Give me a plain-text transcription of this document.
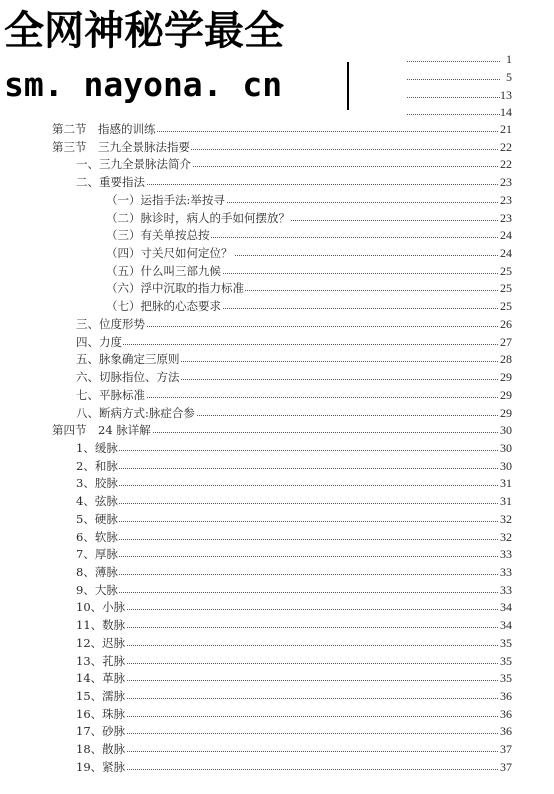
全网神秘学最全
sm. nayona. cn
1
5
13
14
第二节　指感的训练	21
第三节　三九全景脉法指要	22
一、三九全景脉法简介	22
二、重要指法	23
（一）运指手法:举按寻	23
（二）脉诊时，病人的手如何摆放？	23
（三）有关单按总按	24
（四）寸关尺如何定位？	24
（五）什么叫三部九候	25
（六）浮中沉取的指力标准	25
（七）把脉的心态要求	25
三、位度形势	26
四、力度	27
五、脉象确定三原则	28
六、切脉指位、方法	29
七、平脉标准	29
八、断病方式:脉症合参	29
第四节　24 脉详解	30
1、缓脉	30
2、和脉	30
3、胶脉	31
4、弦脉	31
5、硬脉	32
6、软脉	32
7、厚脉	33
8、薄脉	33
9、大脉	33
10、小脉	34
11、数脉	34
12、迟脉	35
13、芤脉	35
14、革脉	35
15、濡脉	36
16、珠脉	36
17、砂脉	36
18、散脉	37
19、紧脉	37
